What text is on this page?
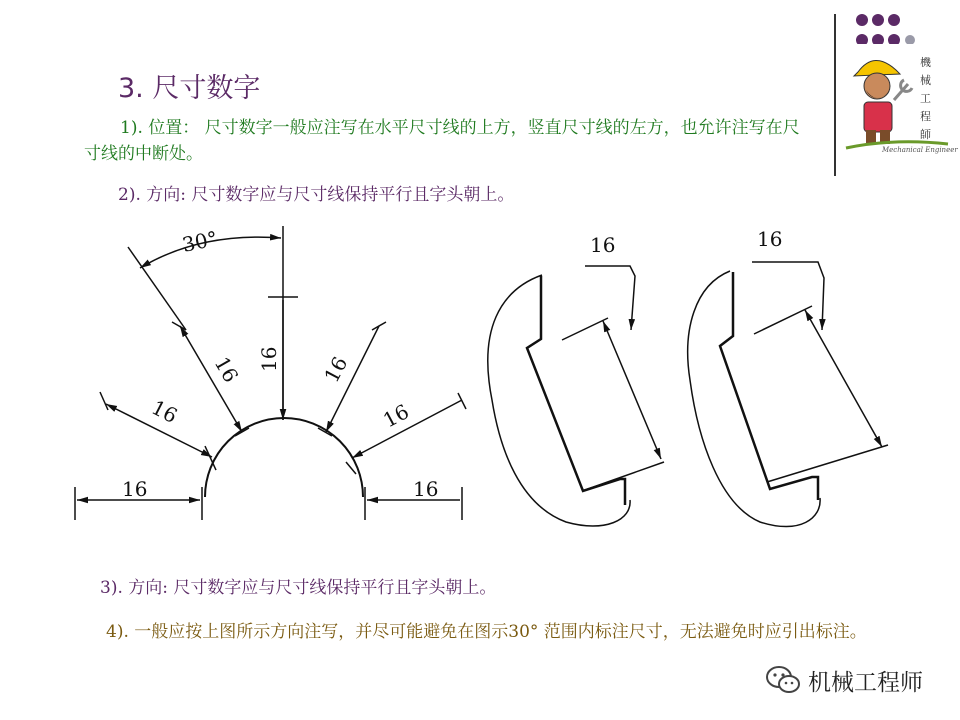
3. 尺寸数字
1). 位置： 尺寸数字一般应注写在水平尺寸线的上方，竖直尺寸线的左方，也允许注写在尺寸线的中断处。
2). 方向: 尺寸数字应与尺寸线保持平行且字头朝上。
30°
16	16
16
16 16 16
16
16	16
3). 方向: 尺寸数字应与尺寸线保持平行且字头朝上。
4). 一般应按上图所示方向注写，并尽可能避免在图示30° 范围内标注尺寸，无法避免时应引出标注。
機
械
工
程
師
Mechanical Engineer
机械工程师
